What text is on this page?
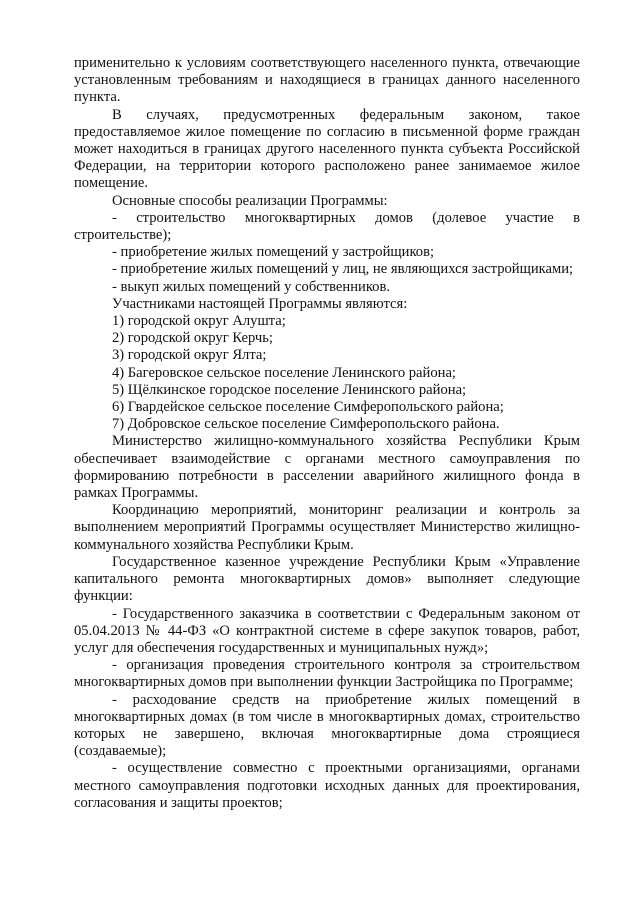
применительно к условиям соответствующего населенного пункта, отвечающие установленным требованиям и находящиеся в границах данного населенного пункта.

В случаях, предусмотренных федеральным законом, такое предоставляемое жилое помещение по согласию в письменной форме граждан может находиться в границах другого населенного пункта субъекта Российской Федерации, на территории которого расположено ранее занимаемое жилое помещение.

Основные способы реализации Программы:

- строительство многоквартирных домов (долевое участие в строительстве);

- приобретение жилых помещений у застройщиков;

- приобретение жилых помещений у лиц, не являющихся застройщиками;

- выкуп жилых помещений у собственников.

Участниками настоящей Программы являются:

1) городской округ Алушта;

2) городской округ Керчь;

3) городской округ Ялта;

4) Багеровское сельское поселение Ленинского района;

5) Щёлкинское городское поселение Ленинского района;

6) Гвардейское сельское поселение Симферопольского района;

7) Добровское сельское поселение Симферопольского района.

Министерство жилищно-коммунального хозяйства Республики Крым обеспечивает взаимодействие с органами местного самоуправления по формированию потребности в расселении аварийного жилищного фонда в рамках Программы.

Координацию мероприятий, мониторинг реализации и контроль за выполнением мероприятий Программы осуществляет Министерство жилищно-коммунального хозяйства Республики Крым.

Государственное казенное учреждение Республики Крым «Управление капитального ремонта многоквартирных домов» выполняет следующие функции:

- Государственного заказчика в соответствии с Федеральным законом от 05.04.2013 № 44-ФЗ «О контрактной системе в сфере закупок товаров, работ, услуг для обеспечения государственных и муниципальных нужд»;

- организация проведения строительного контроля за строительством многоквартирных домов при выполнении функции Застройщика по Программе;

- расходование средств на приобретение жилых помещений в многоквартирных домах (в том числе в многоквартирных домах, строительство которых не завершено, включая многоквартирные дома строящиеся (создаваемые);

- осуществление совместно с проектными организациями, органами местного самоуправления подготовки исходных данных для проектирования, согласования и защиты проектов;
